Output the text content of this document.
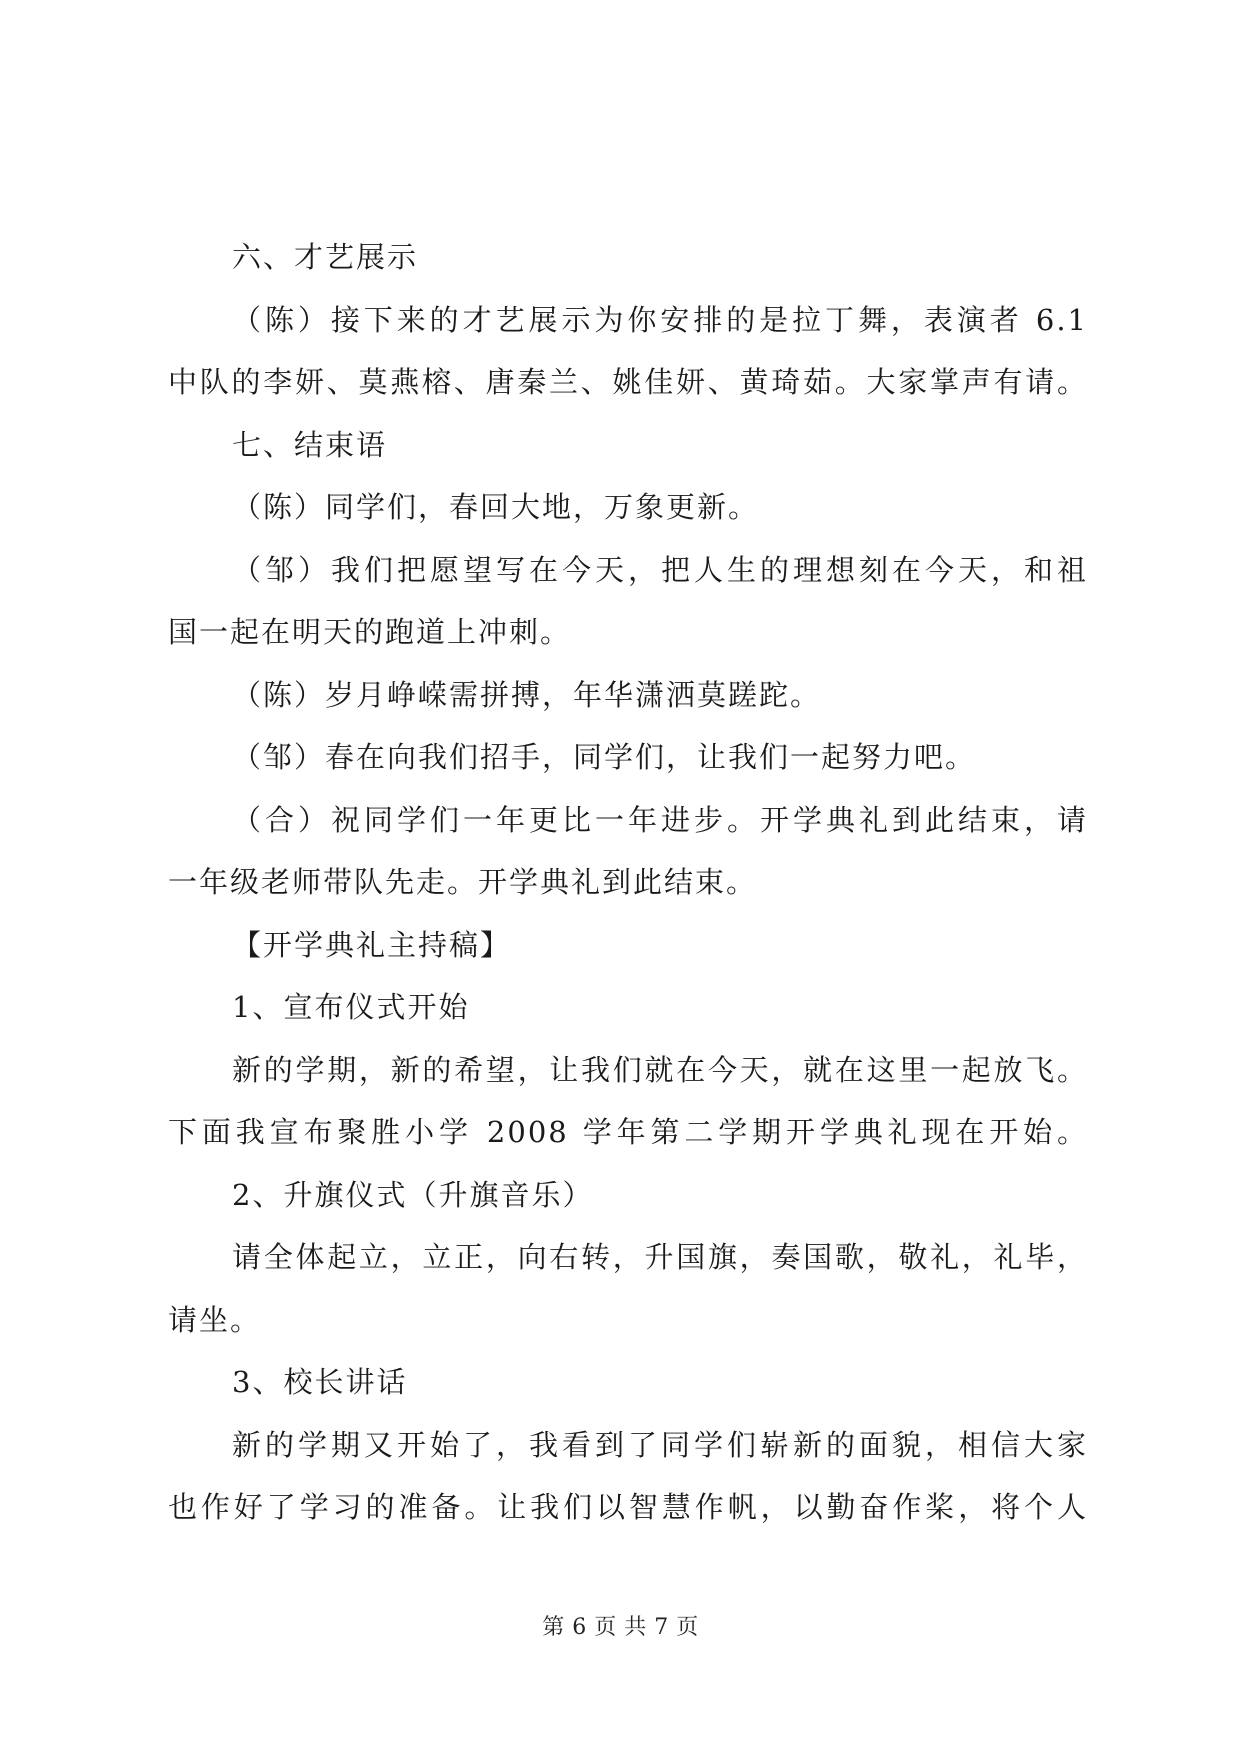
六、才艺展示
（陈）接下来的才艺展示为你安排的是拉丁舞，表演者 6.1
中队的李妍、莫燕榕、唐秦兰、姚佳妍、黄琦茹。大家掌声有请。
七、结束语
（陈）同学们，春回大地，万象更新。
（邹）我们把愿望写在今天，把人生的理想刻在今天，和祖
国一起在明天的跑道上冲刺。
（陈）岁月峥嵘需拼搏，年华潇洒莫蹉跎。
（邹）春在向我们招手，同学们，让我们一起努力吧。
（合）祝同学们一年更比一年进步。开学典礼到此结束，请
一年级老师带队先走。开学典礼到此结束。
【开学典礼主持稿】
1、宣布仪式开始
新的学期，新的希望，让我们就在今天，就在这里一起放飞。
下面我宣布聚胜小学 2008 学年第二学期开学典礼现在开始。
2、升旗仪式（升旗音乐）
请全体起立，立正，向右转，升国旗，奏国歌，敬礼，礼毕，
请坐。
3、校长讲话
新的学期又开始了，我看到了同学们崭新的面貌，相信大家
也作好了学习的准备。让我们以智慧作帆，以勤奋作桨，将个人
第 6 页 共 7 页
